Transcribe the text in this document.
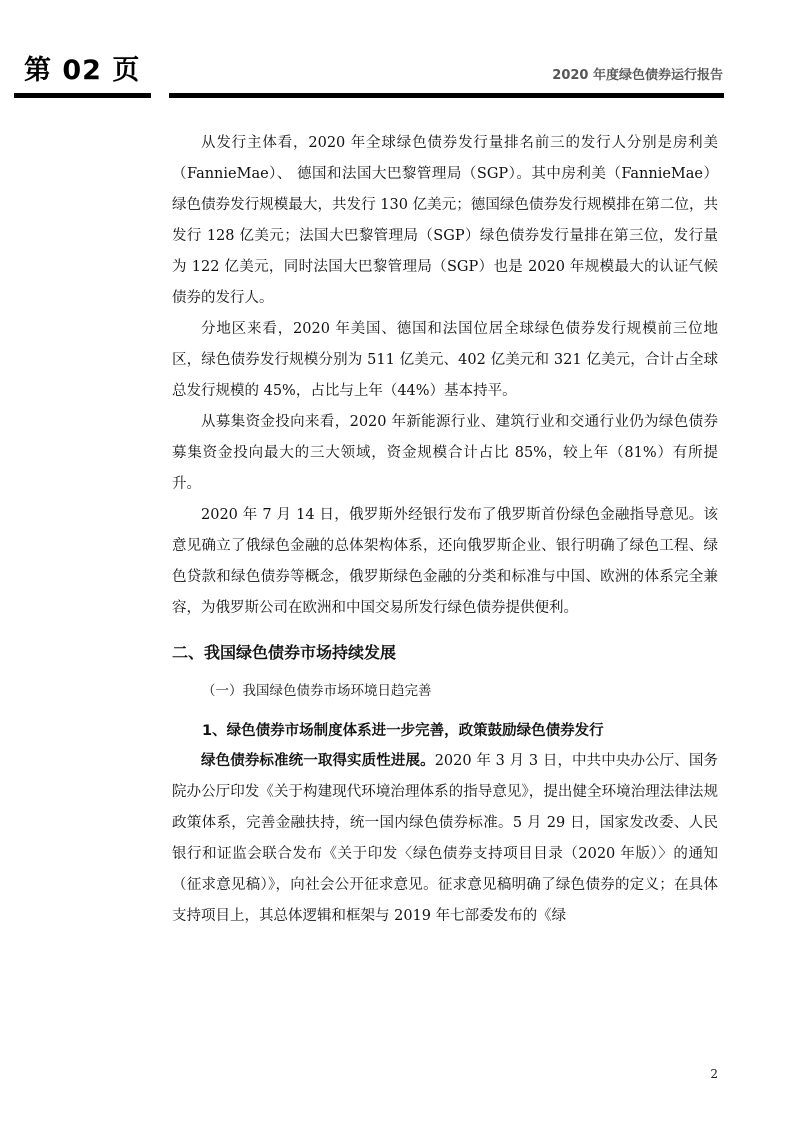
第 02 页	2020 年度绿色债券运行报告

从发行主体看，2020 年全球绿色债券发行量排名前三的发行人分别是房利美（FannieMae）、 德国和法国大巴黎管理局（SGP）。其中房利美（FannieMae）绿色债券发行规模最大，共发行 130 亿美元；德国绿色债券发行规模排在第二位，共发行 128 亿美元；法国大巴黎管理局（SGP）绿色债券发行量排在第三位，发行量为 122 亿美元，同时法国大巴黎管理局（SGP）也是 2020 年规模最大的认证气候债券的发行人。

分地区来看，2020 年美国、德国和法国位居全球绿色债券发行规模前三位地区，绿色债券发行规模分别为 511 亿美元、402 亿美元和 321 亿美元，合计占全球总发行规模的 45%，占比与上年（44%）基本持平。

从募集资金投向来看，2020 年新能源行业、建筑行业和交通行业仍为绿色债券募集资金投向最大的三大领域，资金规模合计占比 85%，较上年（81%）有所提升。

2020 年 7 月 14 日，俄罗斯外经银行发布了俄罗斯首份绿色金融指导意见。该意见确立了俄绿色金融的总体架构体系，还向俄罗斯企业、银行明确了绿色工程、绿色贷款和绿色债券等概念，俄罗斯绿色金融的分类和标准与中国、欧洲的体系完全兼容，为俄罗斯公司在欧洲和中国交易所发行绿色债券提供便利。

二、我国绿色债券市场持续发展
（一）我国绿色债券市场环境日趋完善
1、绿色债券市场制度体系进一步完善，政策鼓励绿色债券发行

绿色债券标准统一取得实质性进展。2020 年 3 月 3 日，中共中央办公厅、国务院办公厅印发《关于构建现代环境治理体系的指导意见》，提出健全环境治理法律法规政策体系，完善金融扶持，统一国内绿色债券标准。5 月 29 日，国家发改委、人民银行和证监会联合发布《关于印发〈绿色债券支持项目目录（2020 年版）〉的通知（征求意见稿）》，向社会公开征求意见。征求意见稿明确了绿色债券的定义；在具体支持项目上，其总体逻辑和框架与 2019 年七部委发布的《绿

2
